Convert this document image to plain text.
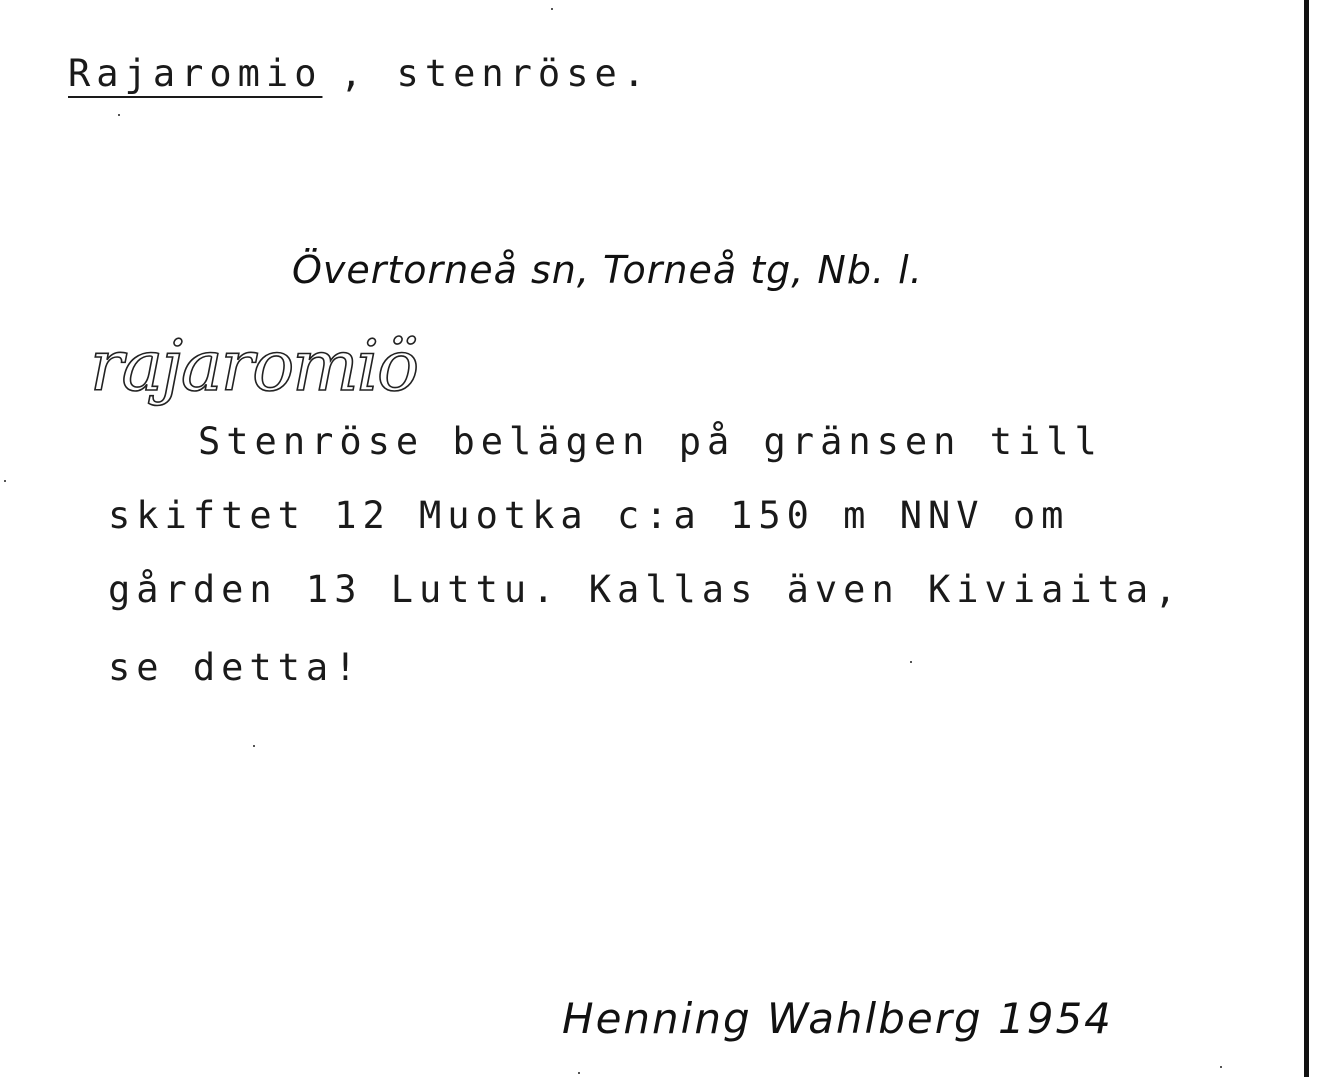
Rajaromio , stenröse.
Övertorneå sn, Torneå tg, Nb. l.
rajaromiö
Stenröse belägen på gränsen till
skiftet 12 Muotka c:a 150 m NNV om
gården 13 Luttu. Kallas även Kiviaita,
se detta!
Henning Wahlberg 1954
